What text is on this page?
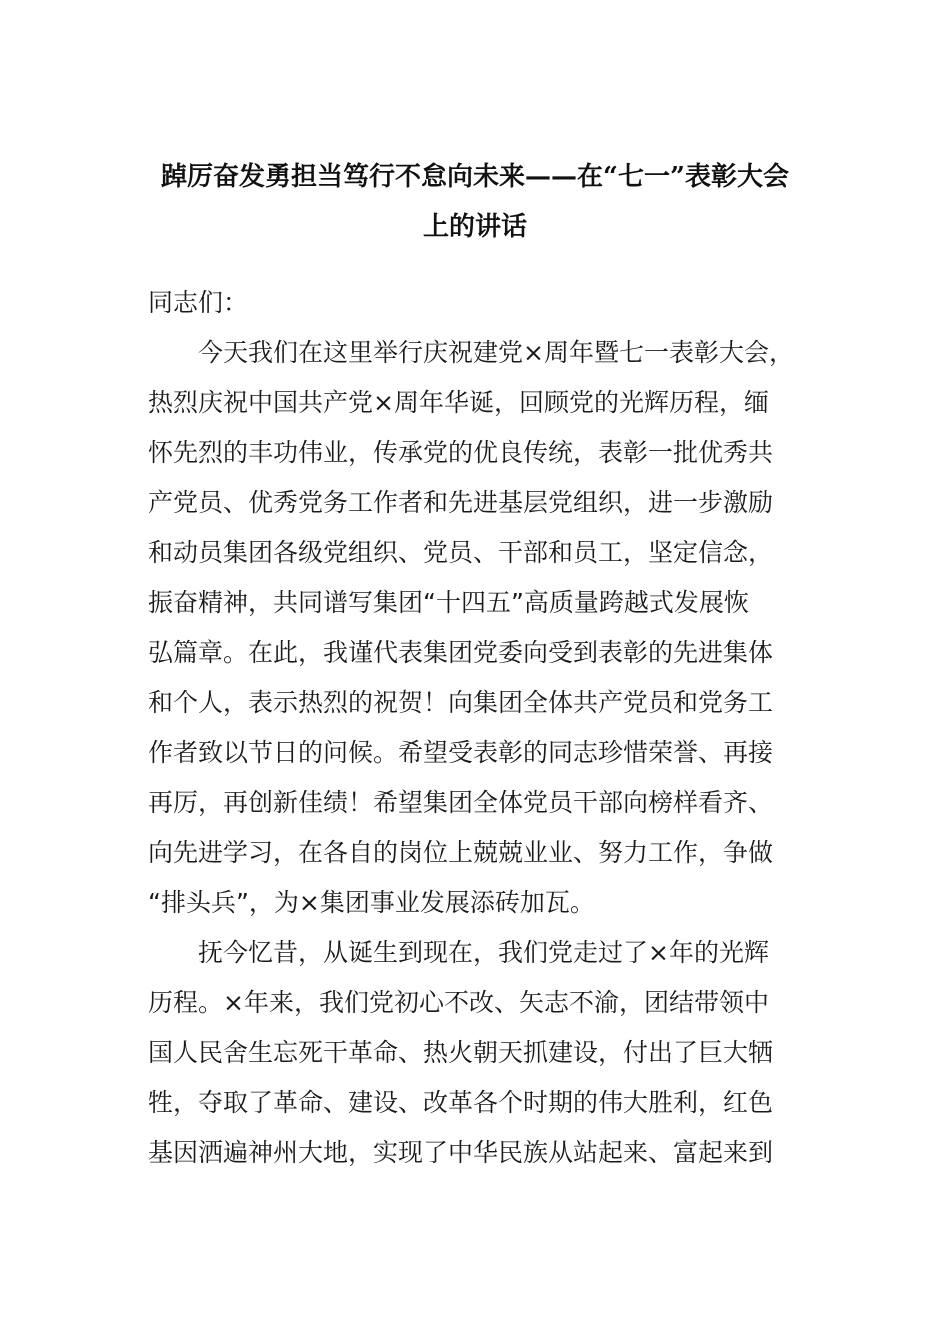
踔厉奋发勇担当笃行不怠向未来——在“七一”表彰大会
上的讲话
同志们：
今天我们在这里举行庆祝建党×周年暨七一表彰大会，
热烈庆祝中国共产党×周年华诞，回顾党的光辉历程，缅
怀先烈的丰功伟业，传承党的优良传统，表彰一批优秀共
产党员、优秀党务工作者和先进基层党组织，进一步激励
和动员集团各级党组织、党员、干部和员工，坚定信念，
振奋精神，共同谱写集团“十四五”高质量跨越式发展恢
弘篇章。在此，我谨代表集团党委向受到表彰的先进集体
和个人，表示热烈的祝贺！向集团全体共产党员和党务工
作者致以节日的问候。希望受表彰的同志珍惜荣誉、再接
再厉，再创新佳绩！希望集团全体党员干部向榜样看齐、
向先进学习，在各自的岗位上兢兢业业、努力工作，争做
“排头兵”，为×集团事业发展添砖加瓦。
抚今忆昔，从诞生到现在，我们党走过了×年的光辉
历程。×年来，我们党初心不改、矢志不渝，团结带领中
国人民舍生忘死干革命、热火朝天抓建设，付出了巨大牺
牲，夺取了革命、建设、改革各个时期的伟大胜利，红色
基因洒遍神州大地，实现了中华民族从站起来、富起来到
